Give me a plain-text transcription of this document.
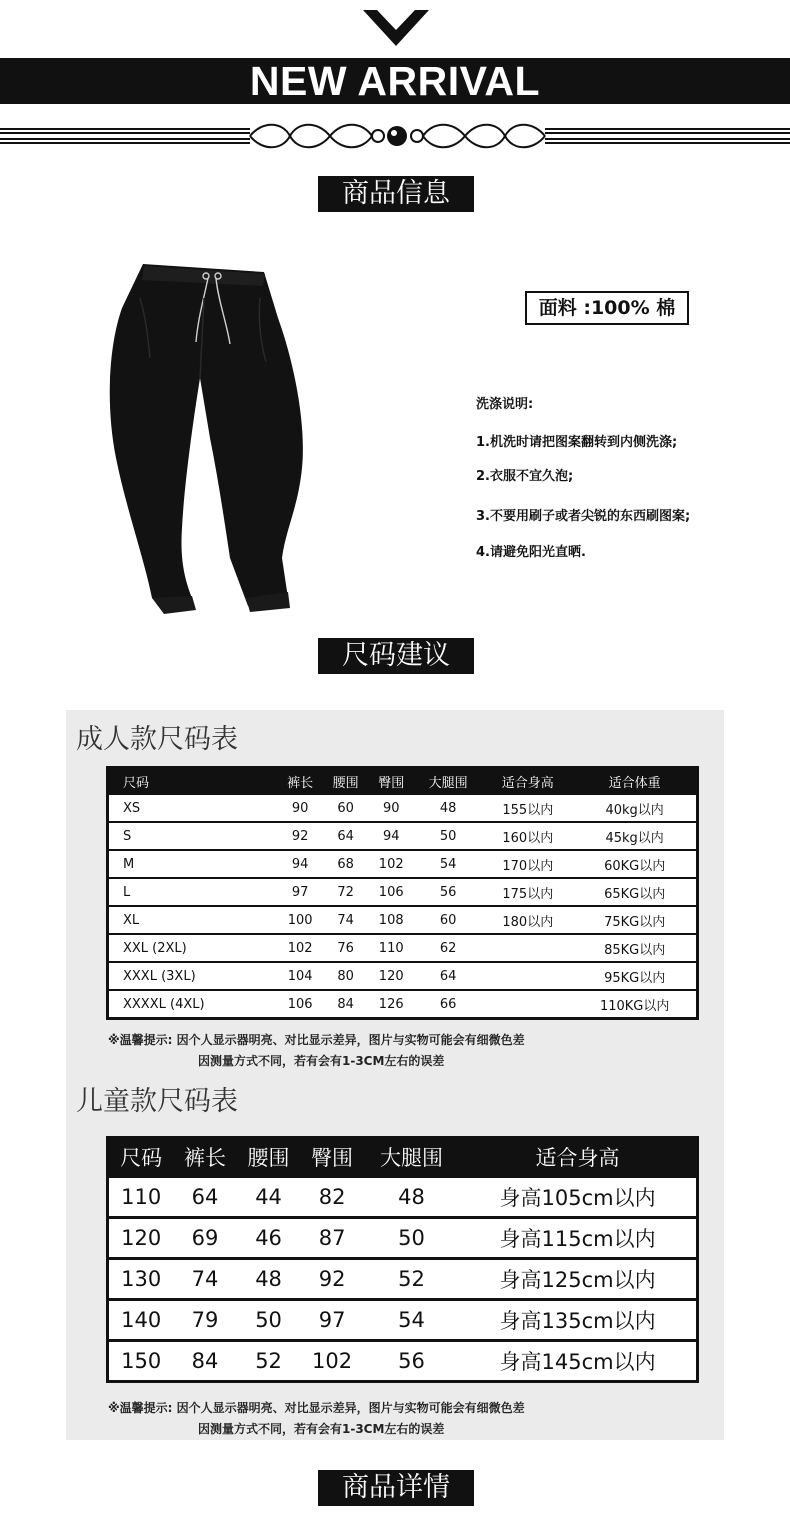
NEW ARRIVAL
商品信息
面料 :100% 棉
洗涤说明:
1.机洗时请把图案翻转到内侧洗涤;
2.衣服不宜久泡;
3.不要用刷子或者尖锐的东西刷图案;
4.请避免阳光直晒.
尺码建议
成人款尺码表
尺码	裤长	腰围	臀围	大腿围	适合身高	适合体重
XS	90	60	90	48	155以内	40kg以内
S	92	64	94	50	160以内	45kg以内
M	94	68	102	54	170以内	60KG以内
L	97	72	106	56	175以内	65KG以内
XL	100	74	108	60	180以内	75KG以内
XXL (2XL)	102	76	110	62		85KG以内
XXXL (3XL)	104	80	120	64		95KG以内
XXXXL (4XL)	106	84	126	66		110KG以内
※温馨提示: 因个人显示器明亮、对比显示差异，图片与实物可能会有细微色差
因测量方式不同，若有会有1-3CM左右的误差
儿童款尺码表
尺码	裤长	腰围	臀围	大腿围	适合身高
110	64	44	82	48	身高105cm以内
120	69	46	87	50	身高115cm以内
130	74	48	92	52	身高125cm以内
140	79	50	97	54	身高135cm以内
150	84	52	102	56	身高145cm以内
※温馨提示: 因个人显示器明亮、对比显示差异，图片与实物可能会有细微色差
因测量方式不同，若有会有1-3CM左右的误差
商品详情
